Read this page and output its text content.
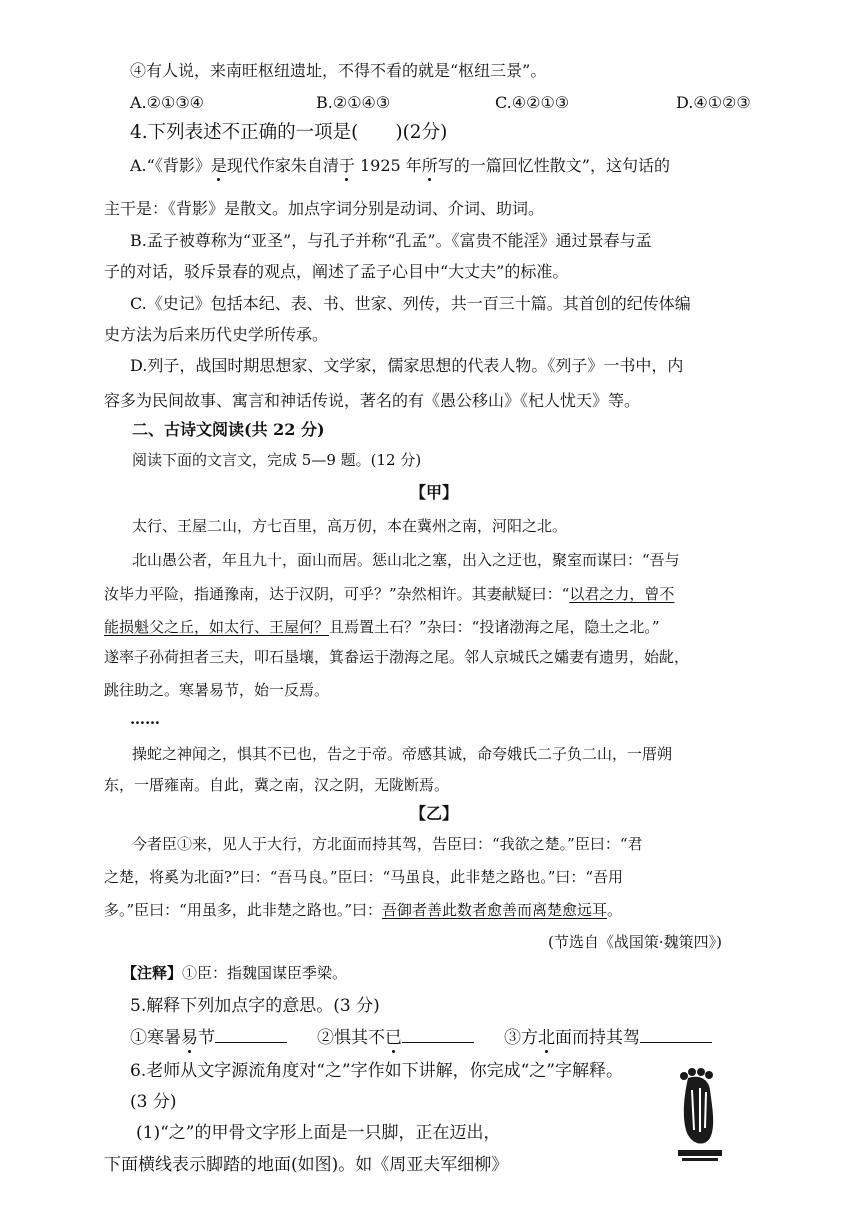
④有人说，来南旺枢纽遗址，不得不看的就是“枢纽三景”。
A.②①③④	B.②①④③	C.④②①③	D.④①②③
4.下列表述不正确的一项是(　　)(2分)
A.“《背影》是现代作家朱自清于 1925 年所写的一篇回忆性散文”，这句话的
主干是：《背影》是散文。加点字词分别是动词、介词、助词。
B.孟子被尊称为“亚圣”，与孔子并称“孔孟”。《富贵不能淫》通过景春与孟
子的对话，驳斥景春的观点，阐述了孟子心目中“大丈夫”的标准。
C.《史记》包括本纪、表、书、世家、列传，共一百三十篇。其首创的纪传体编
史方法为后来历代史学所传承。
D.列子，战国时期思想家、文学家，儒家思想的代表人物。《列子》一书中，内
容多为民间故事、寓言和神话传说，著名的有《愚公移山》《杞人忧天》等。
二、古诗文阅读(共 22 分)
阅读下面的文言文，完成 5—9 题。(12 分)
【甲】
太行、王屋二山，方七百里，高万仞，本在冀州之南，河阳之北。
北山愚公者，年且九十，面山而居。惩山北之塞，出入之迂也，聚室而谋曰：“吾与
汝毕力平险，指通豫南，达于汉阴，可乎？”杂然相许。其妻献疑曰：“以君之力，曾不
能损魁父之丘，如太行、王屋何？且焉置土石？”杂曰：“投诸渤海之尾，隐土之北。”
遂率子孙荷担者三夫，叩石垦壤，箕畚运于渤海之尾。邻人京城氏之孀妻有遗男，始龀，
跳往助之。寒暑易节，始一反焉。
……
操蛇之神闻之，惧其不已也，告之于帝。帝感其诚，命夸娥氏二子负二山，一厝朔
东，一厝雍南。自此，冀之南，汉之阴，无陇断焉。
【乙】
今者臣①来，见人于大行，方北面而持其驾，告臣曰：“我欲之楚。”臣曰：“君
之楚，将奚为北面?”曰：“吾马良。”臣曰：“马虽良，此非楚之路也。”曰：“吾用
多。”臣曰：“用虽多，此非楚之路也。”曰：吾御者善此数者愈善而离楚愈远耳。
(节选自《战国策·魏策四》)
【注释】①臣：指魏国谋臣季梁。
5.解释下列加点字的意思。(3 分)
①寒暑易节	②惧其不已	③方北面而持其驾
6.老师从文字源流角度对“之”字作如下讲解，你完成“之”字解释。
(3 分)
(1)“之”的甲骨文字形上面是一只脚，正在迈出，
下面横线表示脚踏的地面(如图)。如《周亚夫军细柳》
